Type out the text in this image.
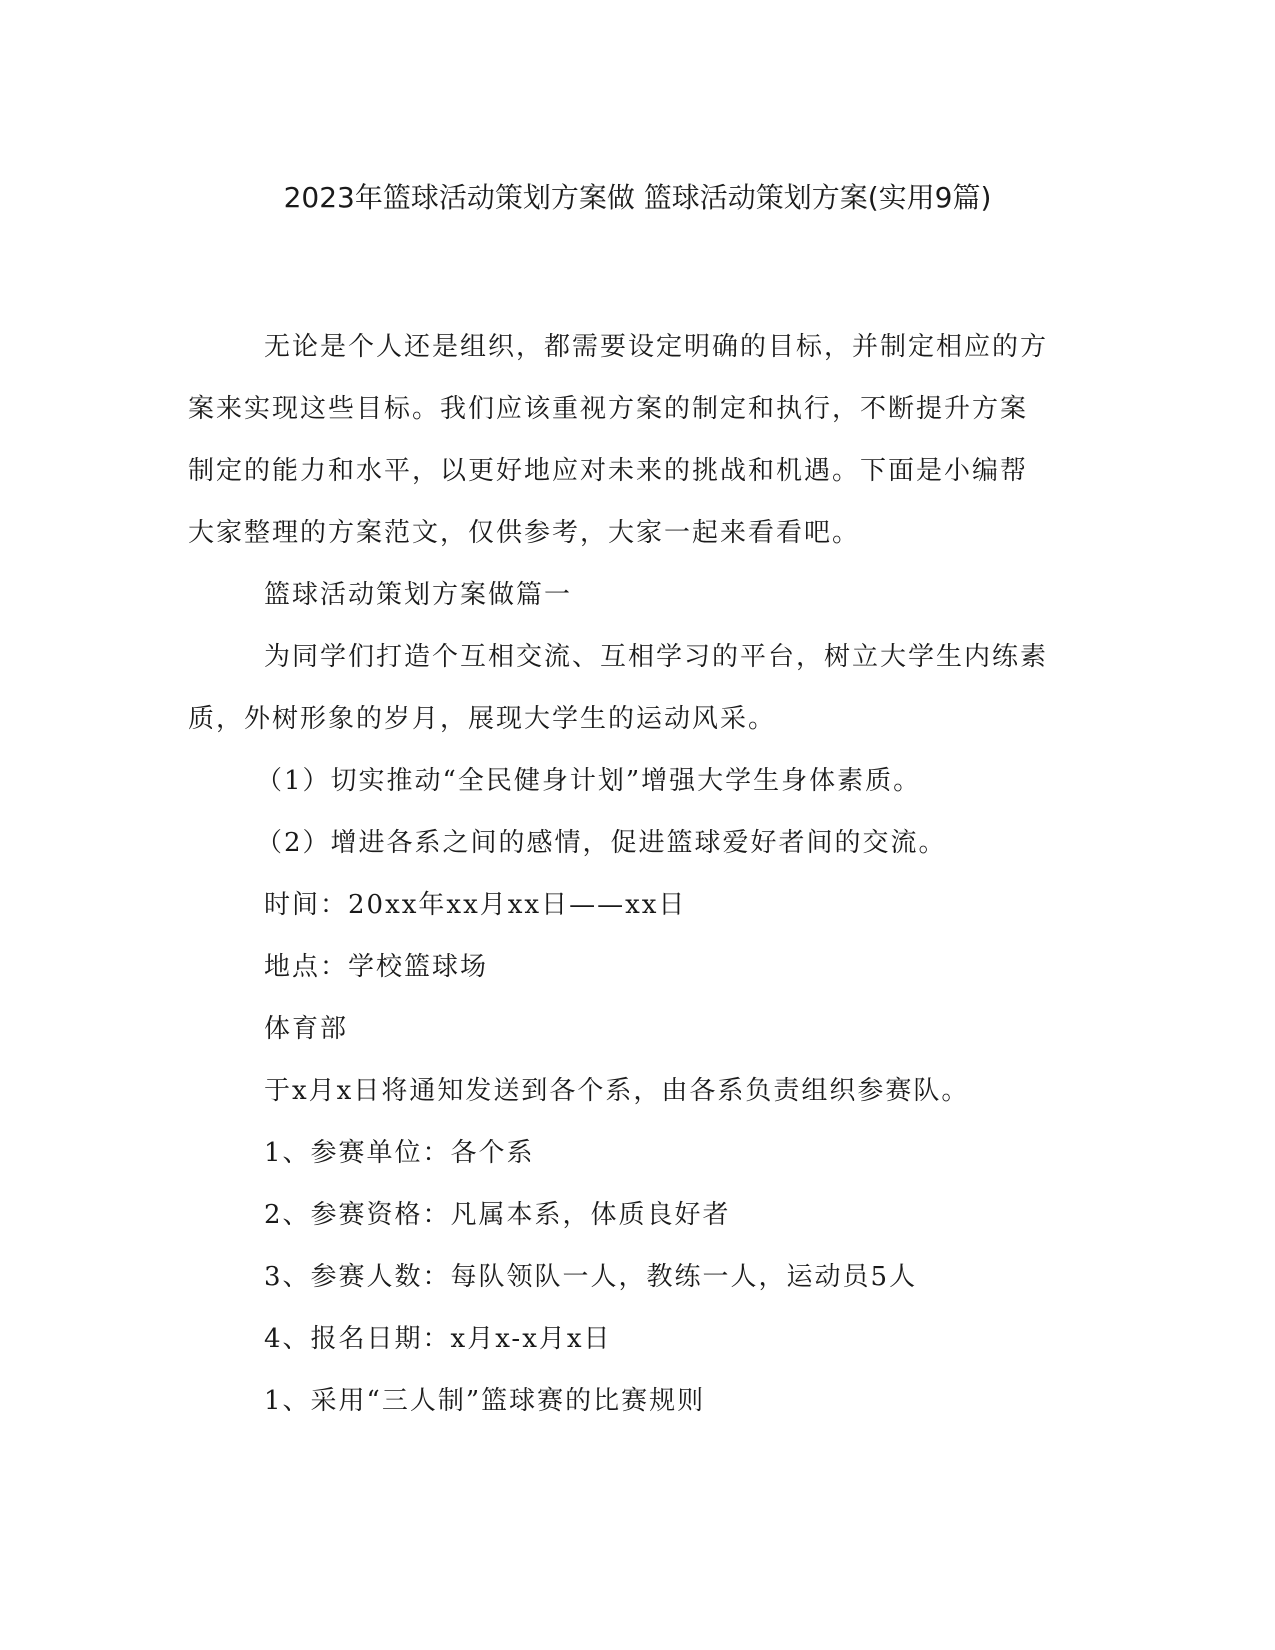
2023年篮球活动策划方案做 篮球活动策划方案(实用9篇)
无论是个人还是组织，都需要设定明确的目标，并制定相应的方
案来实现这些目标。我们应该重视方案的制定和执行，不断提升方案
制定的能力和水平，以更好地应对未来的挑战和机遇。下面是小编帮
大家整理的方案范文，仅供参考，大家一起来看看吧。
篮球活动策划方案做篇一
为同学们打造个互相交流、互相学习的平台，树立大学生内练素
质，外树形象的岁月，展现大学生的运动风采。
（1）切实推动“全民健身计划”增强大学生身体素质。
（2）增进各系之间的感情，促进篮球爱好者间的交流。
时间：20xx年xx月xx日——xx日
地点：学校篮球场
体育部
于x月x日将通知发送到各个系，由各系负责组织参赛队。
1、参赛单位：各个系
2、参赛资格：凡属本系，体质良好者
3、参赛人数：每队领队一人，教练一人，运动员5人
4、报名日期：x月x-x月x日
1、采用“三人制”篮球赛的比赛规则
